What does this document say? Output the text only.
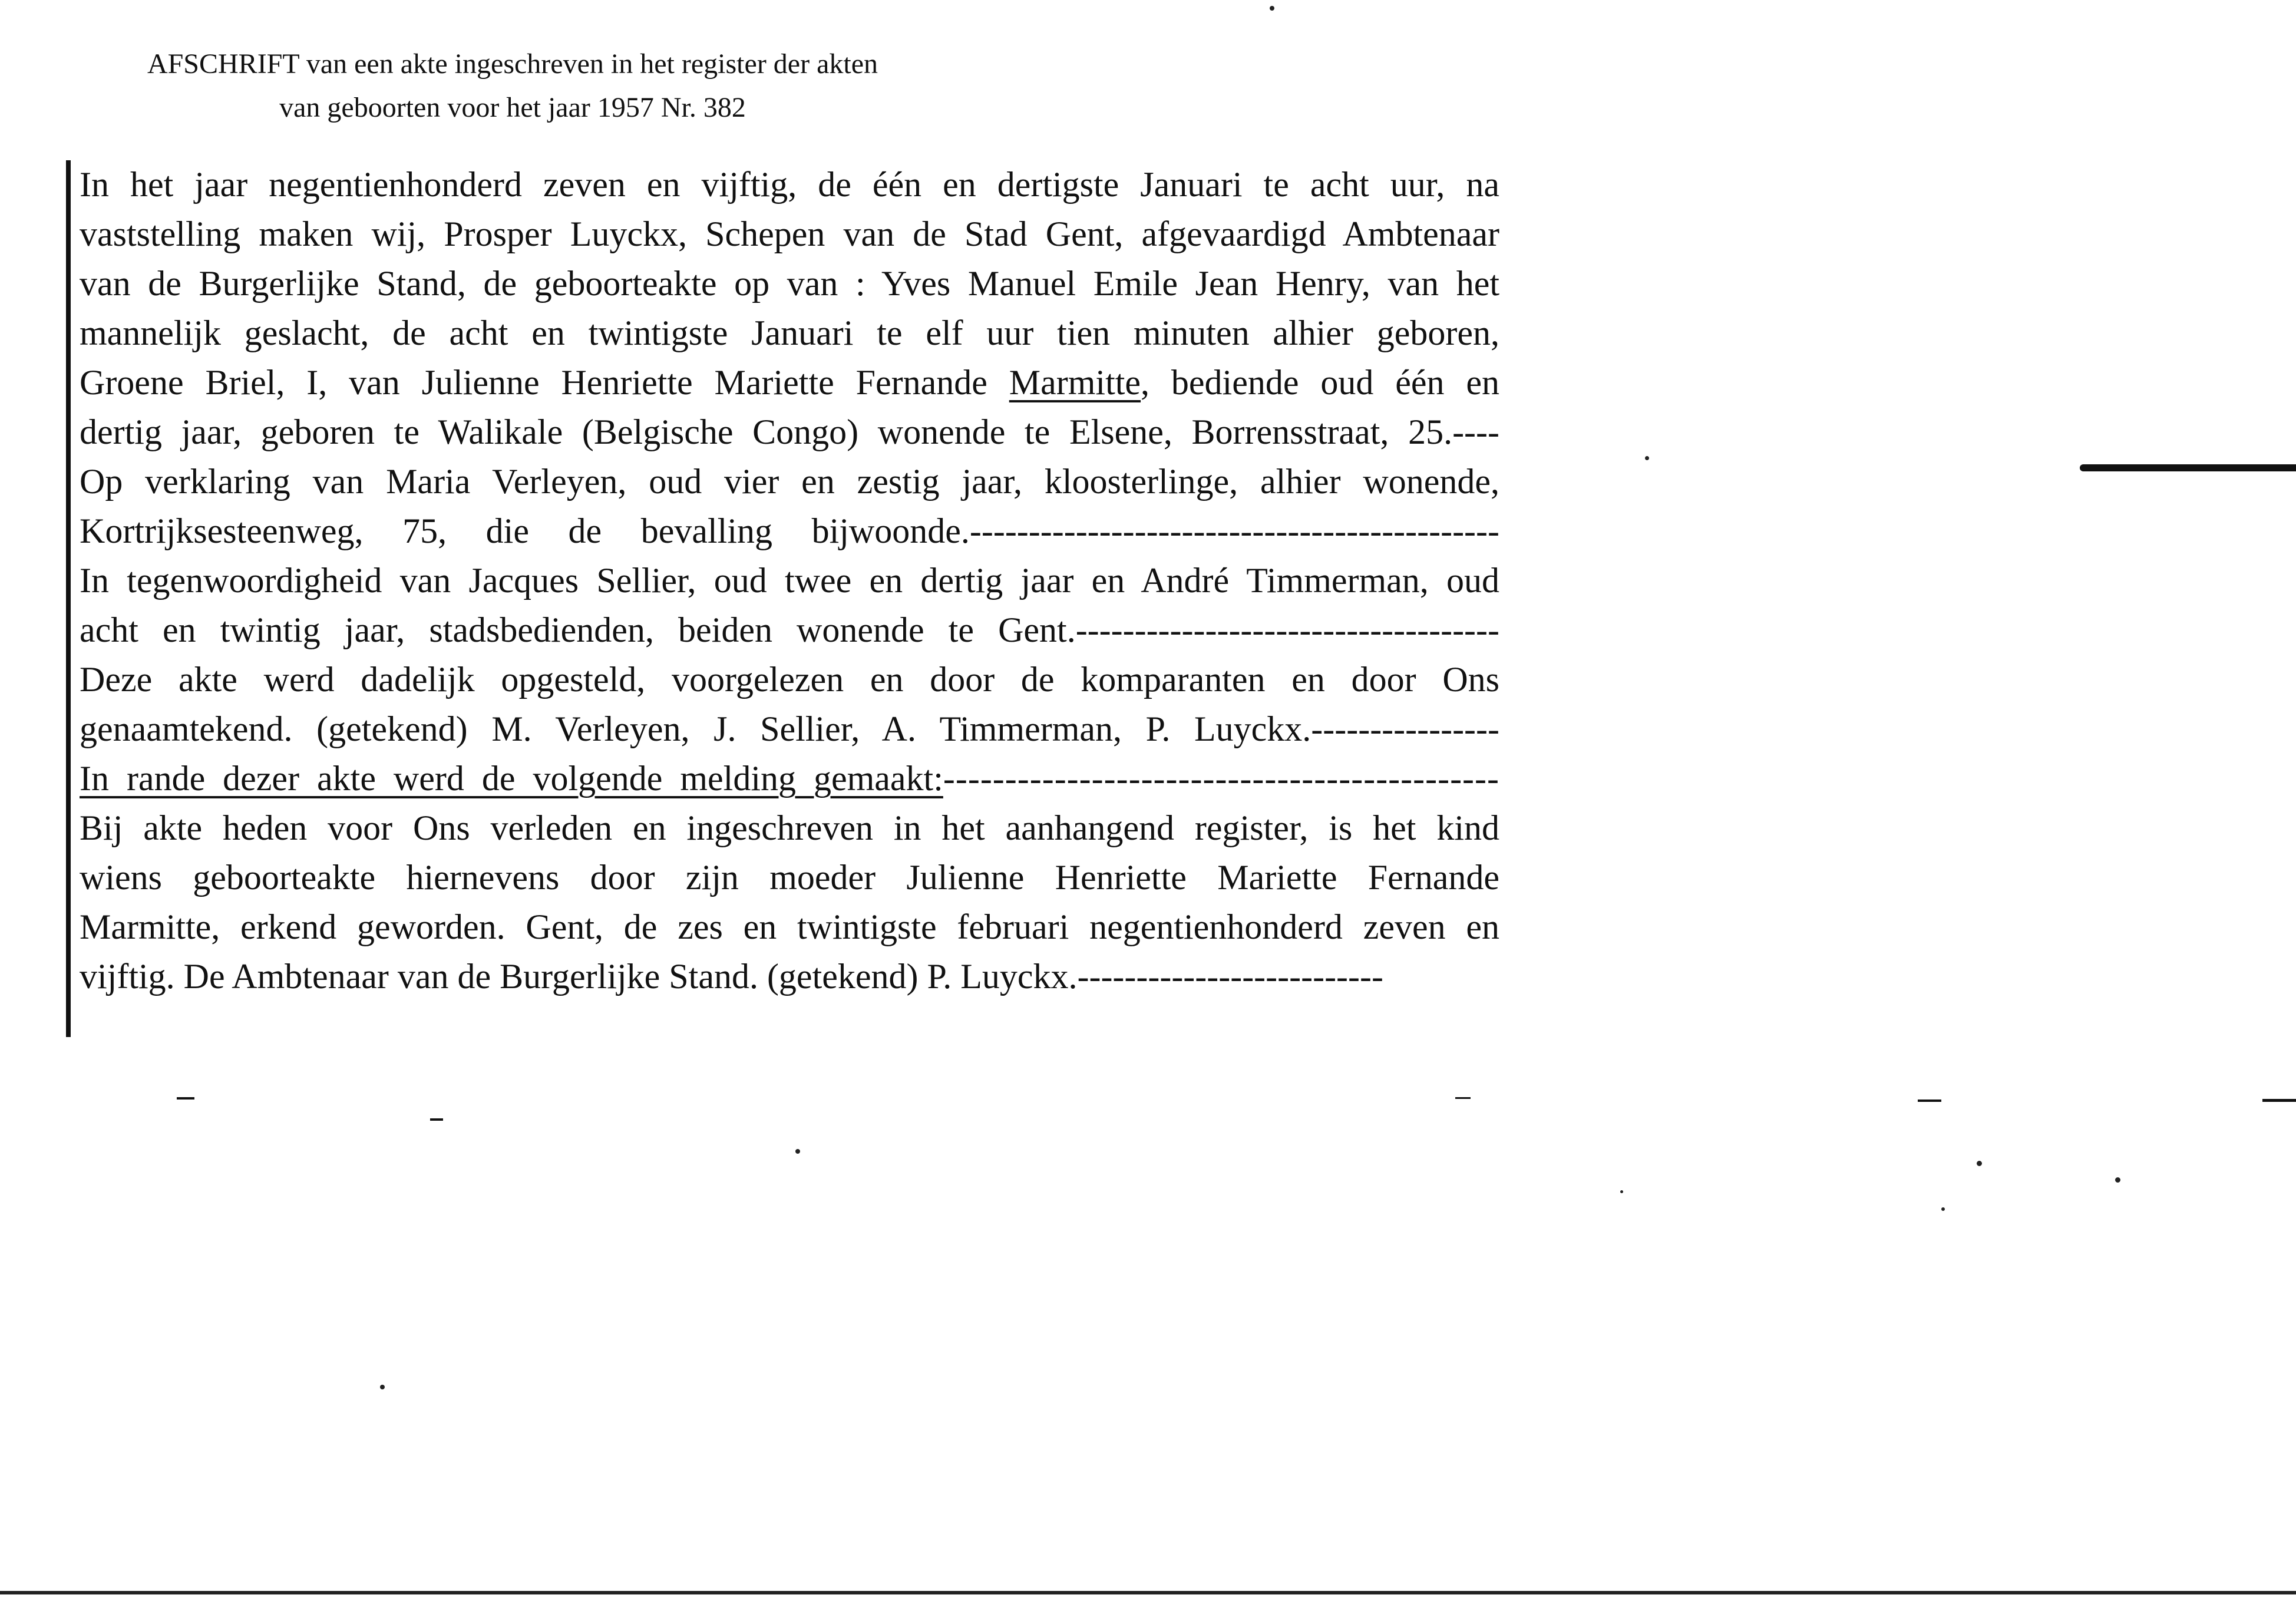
AFSCHRIFT van een akte ingeschreven in het register der akten
van geboorten voor het jaar 1957 Nr. 382
In het jaar negentienhonderd zeven en vijftig, de één en dertigste Januari te acht uur, na
vaststelling maken wij, Prosper Luyckx, Schepen van de Stad Gent, afgevaardigd Ambtenaar
van de Burgerlijke Stand, de geboorteakte op van : Yves Manuel Emile Jean Henry, van het
mannelijk geslacht, de acht en twintigste Januari te elf uur tien minuten alhier geboren,
Groene Briel, I, van Julienne Henriette Mariette Fernande Marmitte, bediende oud één en
dertig jaar, geboren te Walikale (Belgische Congo) wonende te Elsene, Borrensstraat, 25.----
Op verklaring van Maria Verleyen, oud vier en zestig jaar, kloosterlinge, alhier wonende,
Kortrijksesteenweg, 75, die de bevalling bijwoonde.---------------------------------------------
In tegenwoordigheid van Jacques Sellier, oud twee en dertig jaar en André Timmerman, oud
acht en twintig jaar, stadsbedienden, beiden wonende te Gent.------------------------------------
Deze akte werd dadelijk opgesteld, voorgelezen en door de komparanten en door Ons
genaamtekend. (getekend) M. Verleyen, J. Sellier, A. Timmerman, P. Luyckx.----------------
In rande dezer akte werd de volgende melding gemaakt:---------------------------------------------
Bij akte heden voor Ons verleden en ingeschreven in het aanhangend register, is het kind
wiens geboorteakte hiernevens door zijn moeder Julienne Henriette Mariette Fernande
Marmitte, erkend geworden. Gent, de zes en twintigste februari negentienhonderd zeven en
vijftig. De Ambtenaar van de Burgerlijke Stand. (getekend) P. Luyckx.--------------------------
